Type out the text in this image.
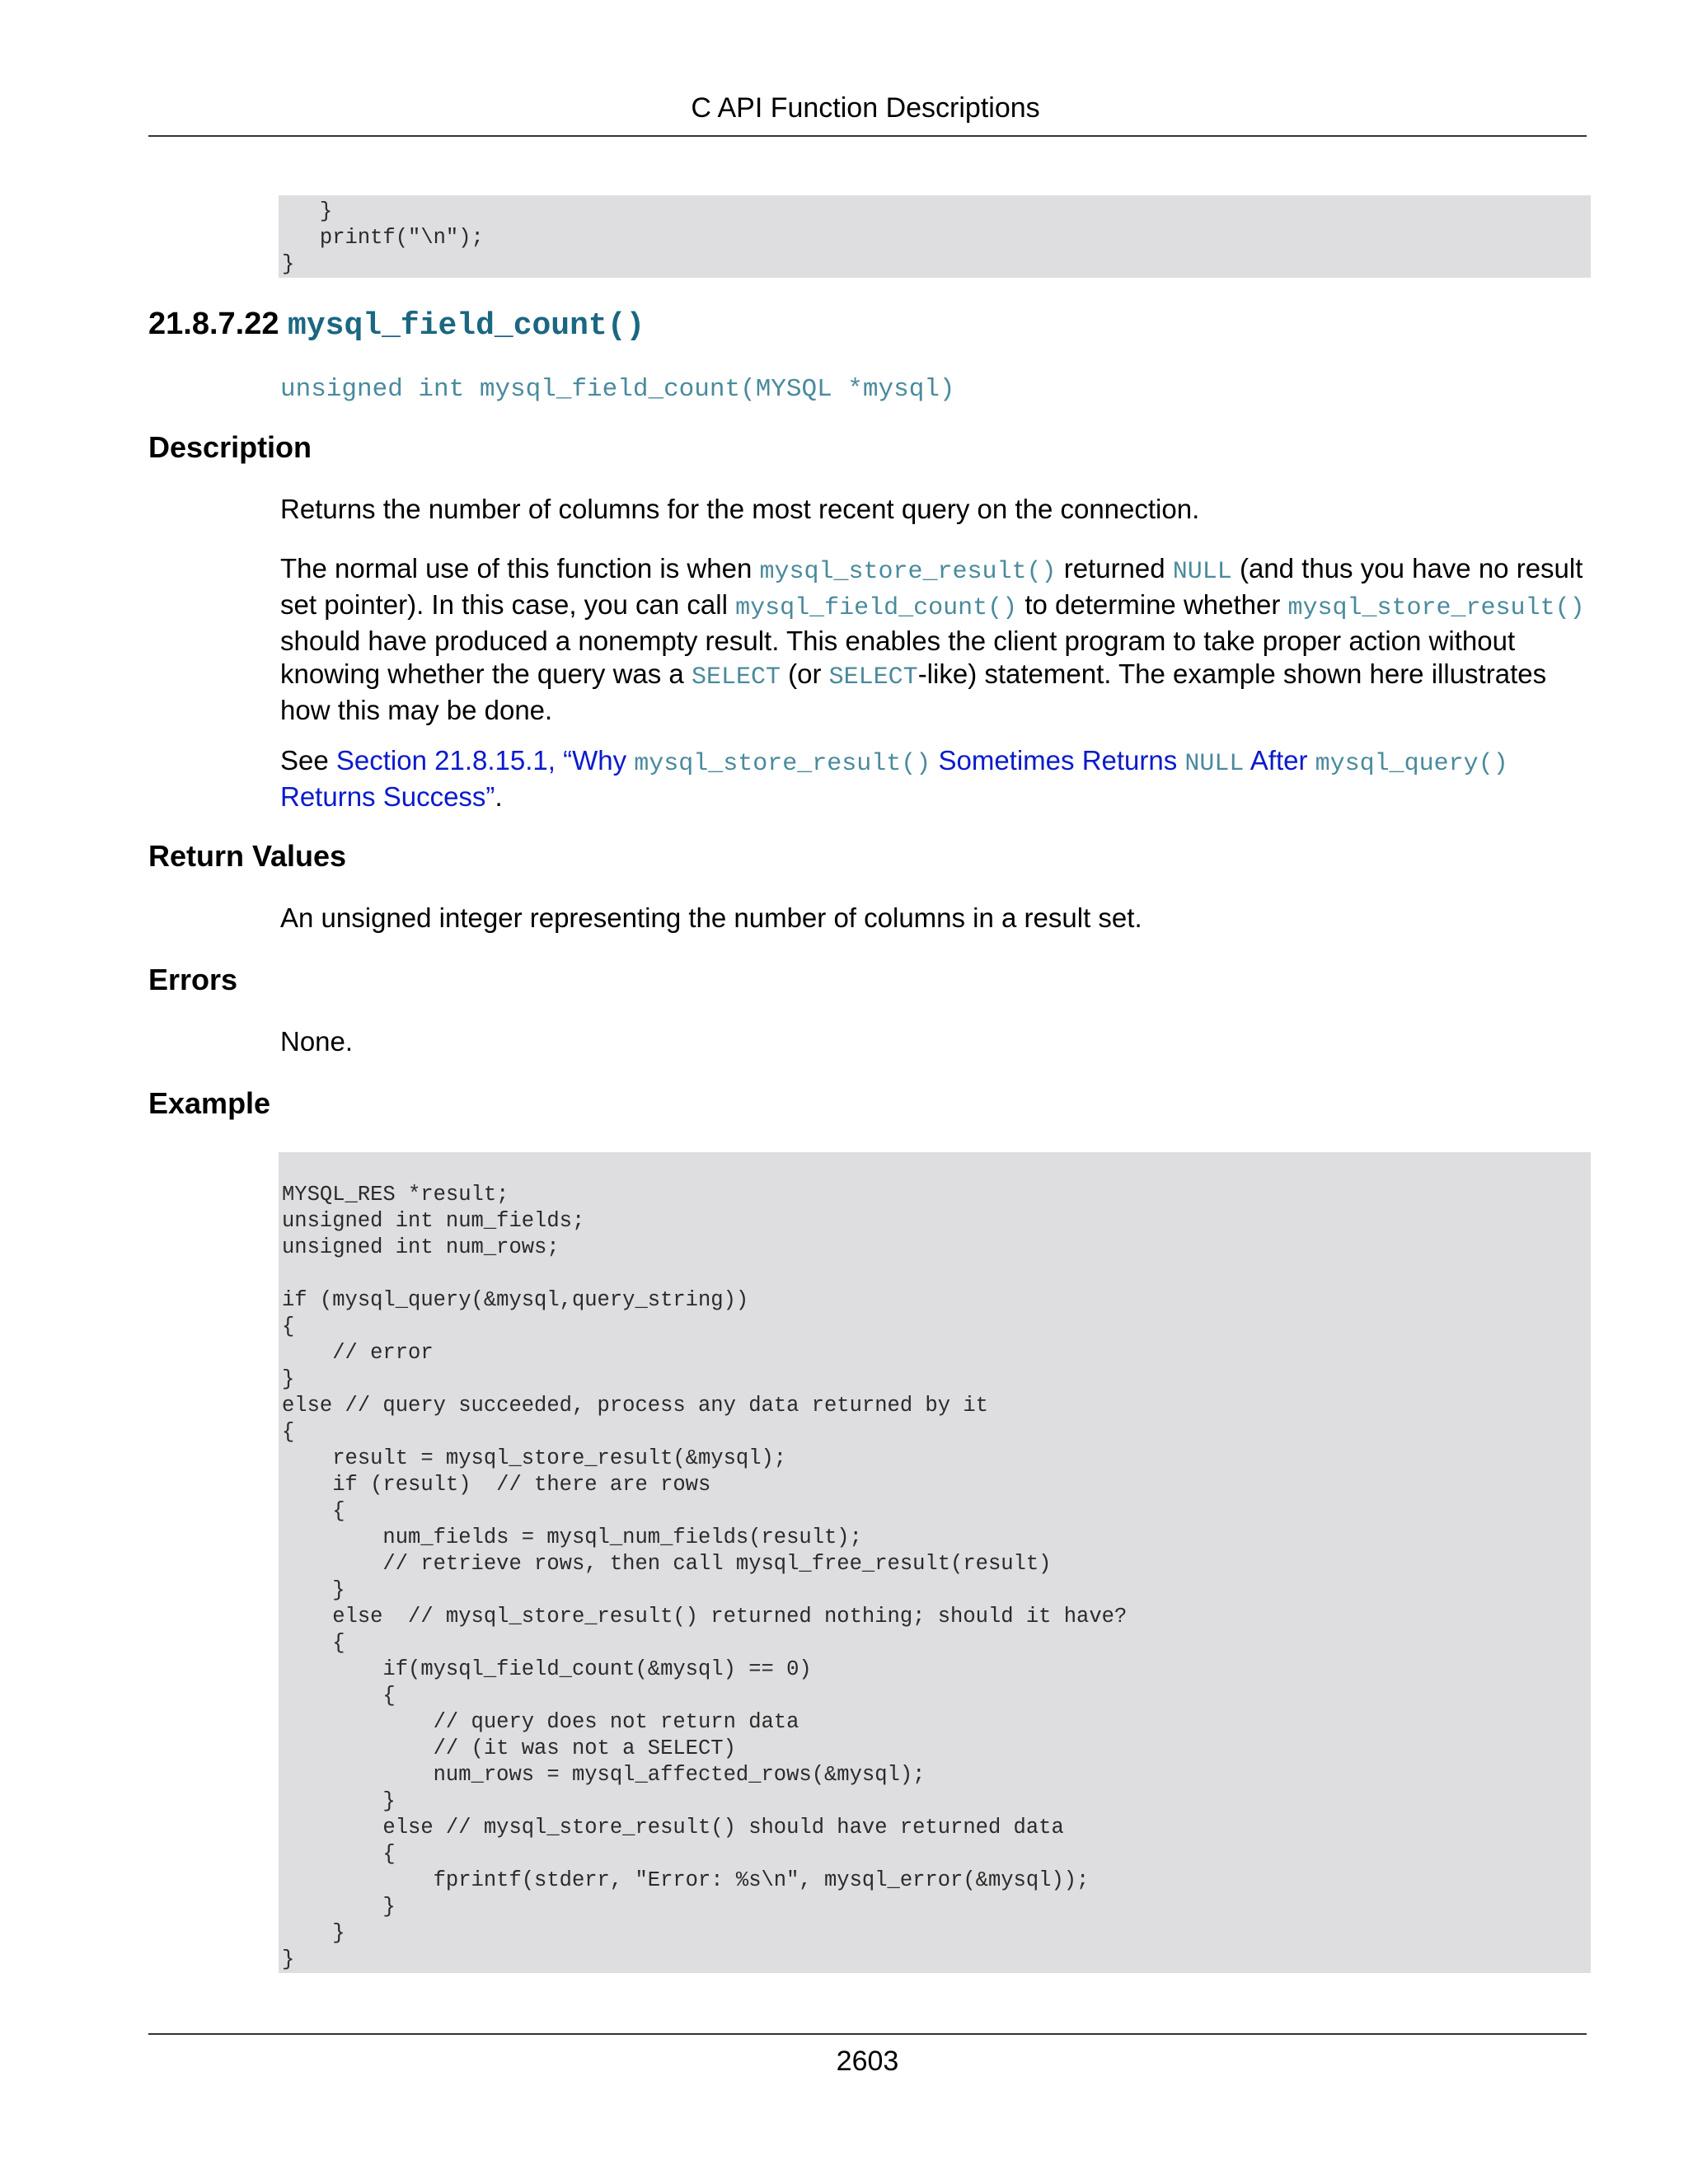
C API Function Descriptions
}
printf("\n");
}
21.8.7.22 mysql_field_count()
unsigned int mysql_field_count(MYSQL *mysql)
Description

Returns the number of columns for the most recent query on the connection.

The normal use of this function is when mysql_store_result() returned NULL (and thus you have no result set pointer). In this case, you can call mysql_field_count() to determine whether mysql_store_result() should have produced a nonempty result. This enables the client program to take proper action without knowing whether the query was a SELECT (or SELECT-like) statement. The example shown here illustrates how this may be done.

See Section 21.8.15.1, “Why mysql_store_result() Sometimes Returns NULL After mysql_query() Returns Success”.

Return Values

An unsigned integer representing the number of columns in a result set.

Errors

None.

Example
MYSQL_RES *result;
unsigned int num_fields;
unsigned int num_rows;

if (mysql_query(&mysql,query_string))
{
// error
}
else // query succeeded, process any data returned by it
{
result = mysql_store_result(&mysql);
if (result)  // there are rows
{
num_fields = mysql_num_fields(result);
// retrieve rows, then call mysql_free_result(result)
}
else  // mysql_store_result() returned nothing; should it have?
{
if(mysql_field_count(&mysql) == 0)
{
// query does not return data
// (it was not a SELECT)
num_rows = mysql_affected_rows(&mysql);
}
else // mysql_store_result() should have returned data
{
fprintf(stderr, "Error: %s\n", mysql_error(&mysql));
}
}
}
2603
